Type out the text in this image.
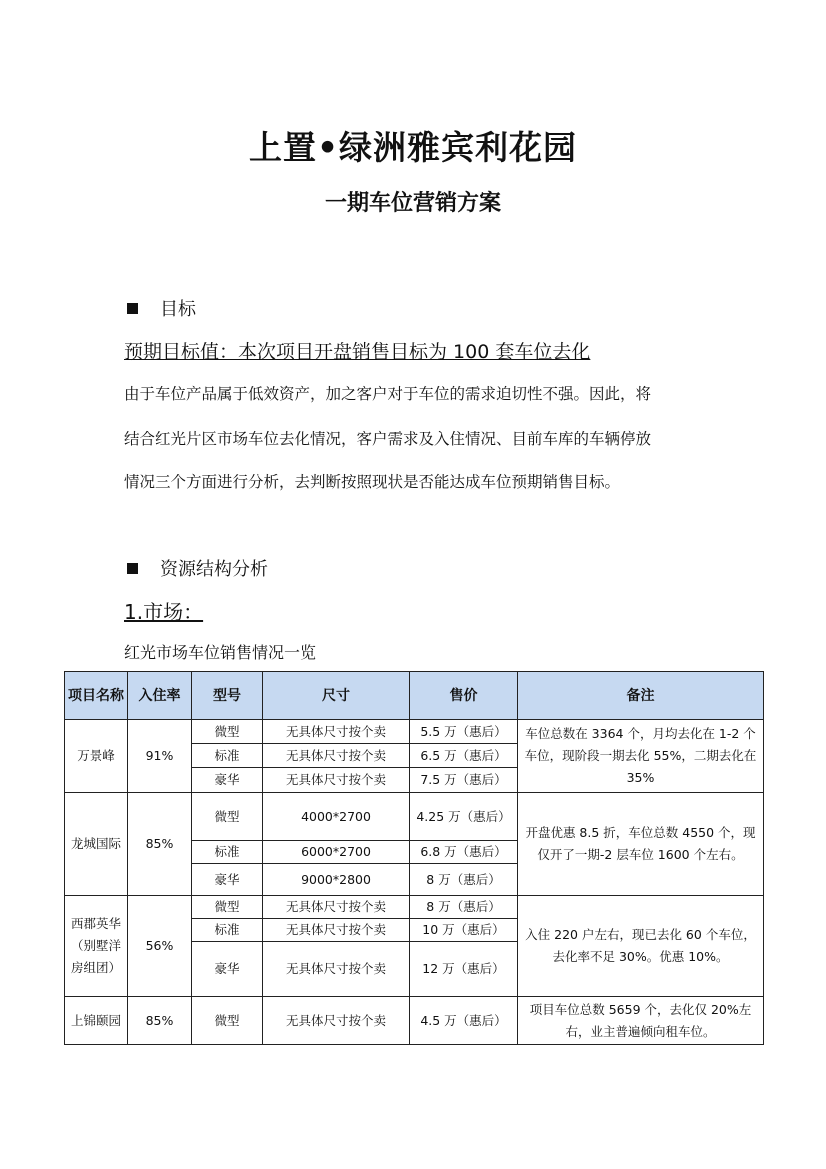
上置•绿洲雅宾利花园
一期车位营销方案
目标
预期目标值：本次项目开盘销售目标为 100 套车位去化
由于车位产品属于低效资产，加之客户对于车位的需求迫切性不强。因此，将
结合红光片区市场车位去化情况，客户需求及入住情况、目前车库的车辆停放
情况三个方面进行分析，去判断按照现状是否能达成车位预期销售目标。
资源结构分析
1.市场：
红光市场车位销售情况一览
项目名称	入住率	型号	尺寸	售价	备注
万景峰	91%	微型	无具体尺寸按个卖	5.5 万（惠后）	车位总数在 3364 个，月均去化在 1-2 个车位，现阶段一期去化 55%，二期去化在 35%
		标准	无具体尺寸按个卖	6.5 万（惠后）	
		豪华	无具体尺寸按个卖	7.5 万（惠后）	
龙城国际	85%	微型	4000*2700	4.25 万（惠后）	开盘优惠 8.5 折，车位总数 4550 个，现仅开了一期-2 层车位 1600 个左右。
		标准	6000*2700	6.8 万（惠后）	
		豪华	9000*2800	8 万（惠后）	
西郡英华（别墅洋房组团）	56%	微型	无具体尺寸按个卖	8 万（惠后）	入住 220 户左右，现已去化 60 个车位，去化率不足 30%。优惠 10%。
		标准	无具体尺寸按个卖	10 万（惠后）	
		豪华	无具体尺寸按个卖	12 万（惠后）	
上锦颐园	85%	微型	无具体尺寸按个卖	4.5 万（惠后）	项目车位总数 5659 个，去化仅 20%左右，业主普遍倾向租车位。
